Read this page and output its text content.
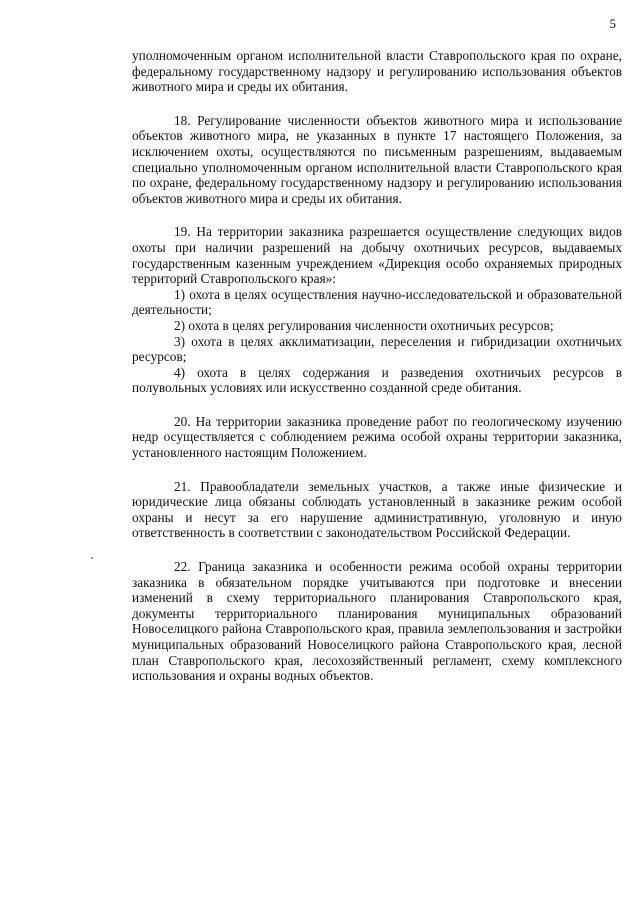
5

уполномоченным органом исполнительной власти Ставропольского края по охране, федеральному государственному надзору и регулированию использования объектов животного мира и среды их обитания.

18. Регулирование численности объектов животного мира и использование объектов животного мира, не указанных в пункте 17 настоящего Положения, за исключением охоты, осуществляются по письменным разрешениям, выдаваемым специально уполномоченным органом исполнительной власти Ставропольского края по охране, федеральному государственному надзору и регулированию использования объектов животного мира и среды их обитания.

19. На территории заказника разрешается осуществление следующих видов охоты при наличии разрешений на добычу охотничьих ресурсов, выдаваемых государственным казенным учреждением «Дирекция особо охраняемых природных территорий Ставропольского края»:

1) охота в целях осуществления научно-исследовательской и образовательной деятельности;

2) охота в целях регулирования численности охотничьих ресурсов;

3) охота в целях акклиматизации, переселения и гибридизации охотничьих ресурсов;

4) охота в целях содержания и разведения охотничьих ресурсов в полувольных условиях или искусственно созданной среде обитания.

20. На территории заказника проведение работ по геологическому изучению недр осуществляется с соблюдением режима особой охраны территории заказника, установленного настоящим Положением.

21. Правообладатели земельных участков, а также иные физические и юридические лица обязаны соблюдать установленный в заказнике режим особой охраны и несут за его нарушение административную, уголовную и иную ответственность в соответствии с законодательством Российской Федерации.

22. Граница заказника и особенности режима особой охраны территории заказника в обязательном порядке учитываются при подготовке и внесении изменений в схему территориального планирования Ставропольского края, документы территориального планирования муниципальных образований Новоселицкого района Ставропольского края, правила землепользования и застройки муниципальных образований Новоселицкого района Ставропольского края, лесной план Ставропольского края, лесохозяйственный регламент, схему комплексного использования и охраны водных объектов.
